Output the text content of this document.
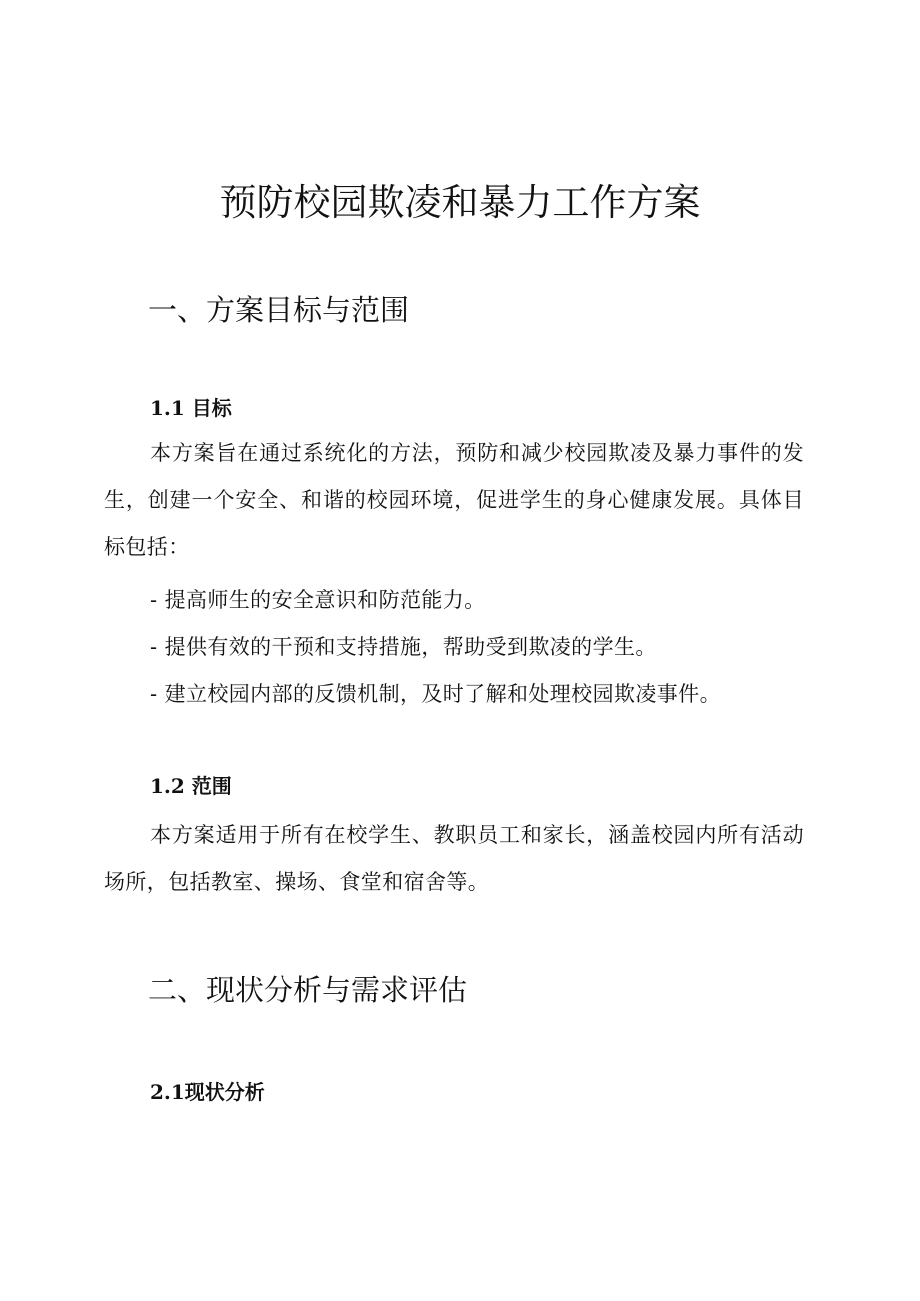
预防校园欺凌和暴力工作方案
一、方案目标与范围
1.1 目标

本方案旨在通过系统化的方法，预防和减少校园欺凌及暴力事件的发生，创建一个安全、和谐的校园环境，促进学生的身心健康发展。具体目标包括：

- 提高师生的安全意识和防范能力。

- 提供有效的干预和支持措施，帮助受到欺凌的学生。

- 建立校园内部的反馈机制，及时了解和处理校园欺凌事件。

1.2 范围

本方案适用于所有在校学生、教职员工和家长，涵盖校园内所有活动场所，包括教室、操场、食堂和宿舍等。

二、现状分析与需求评估
2.1现状分析
